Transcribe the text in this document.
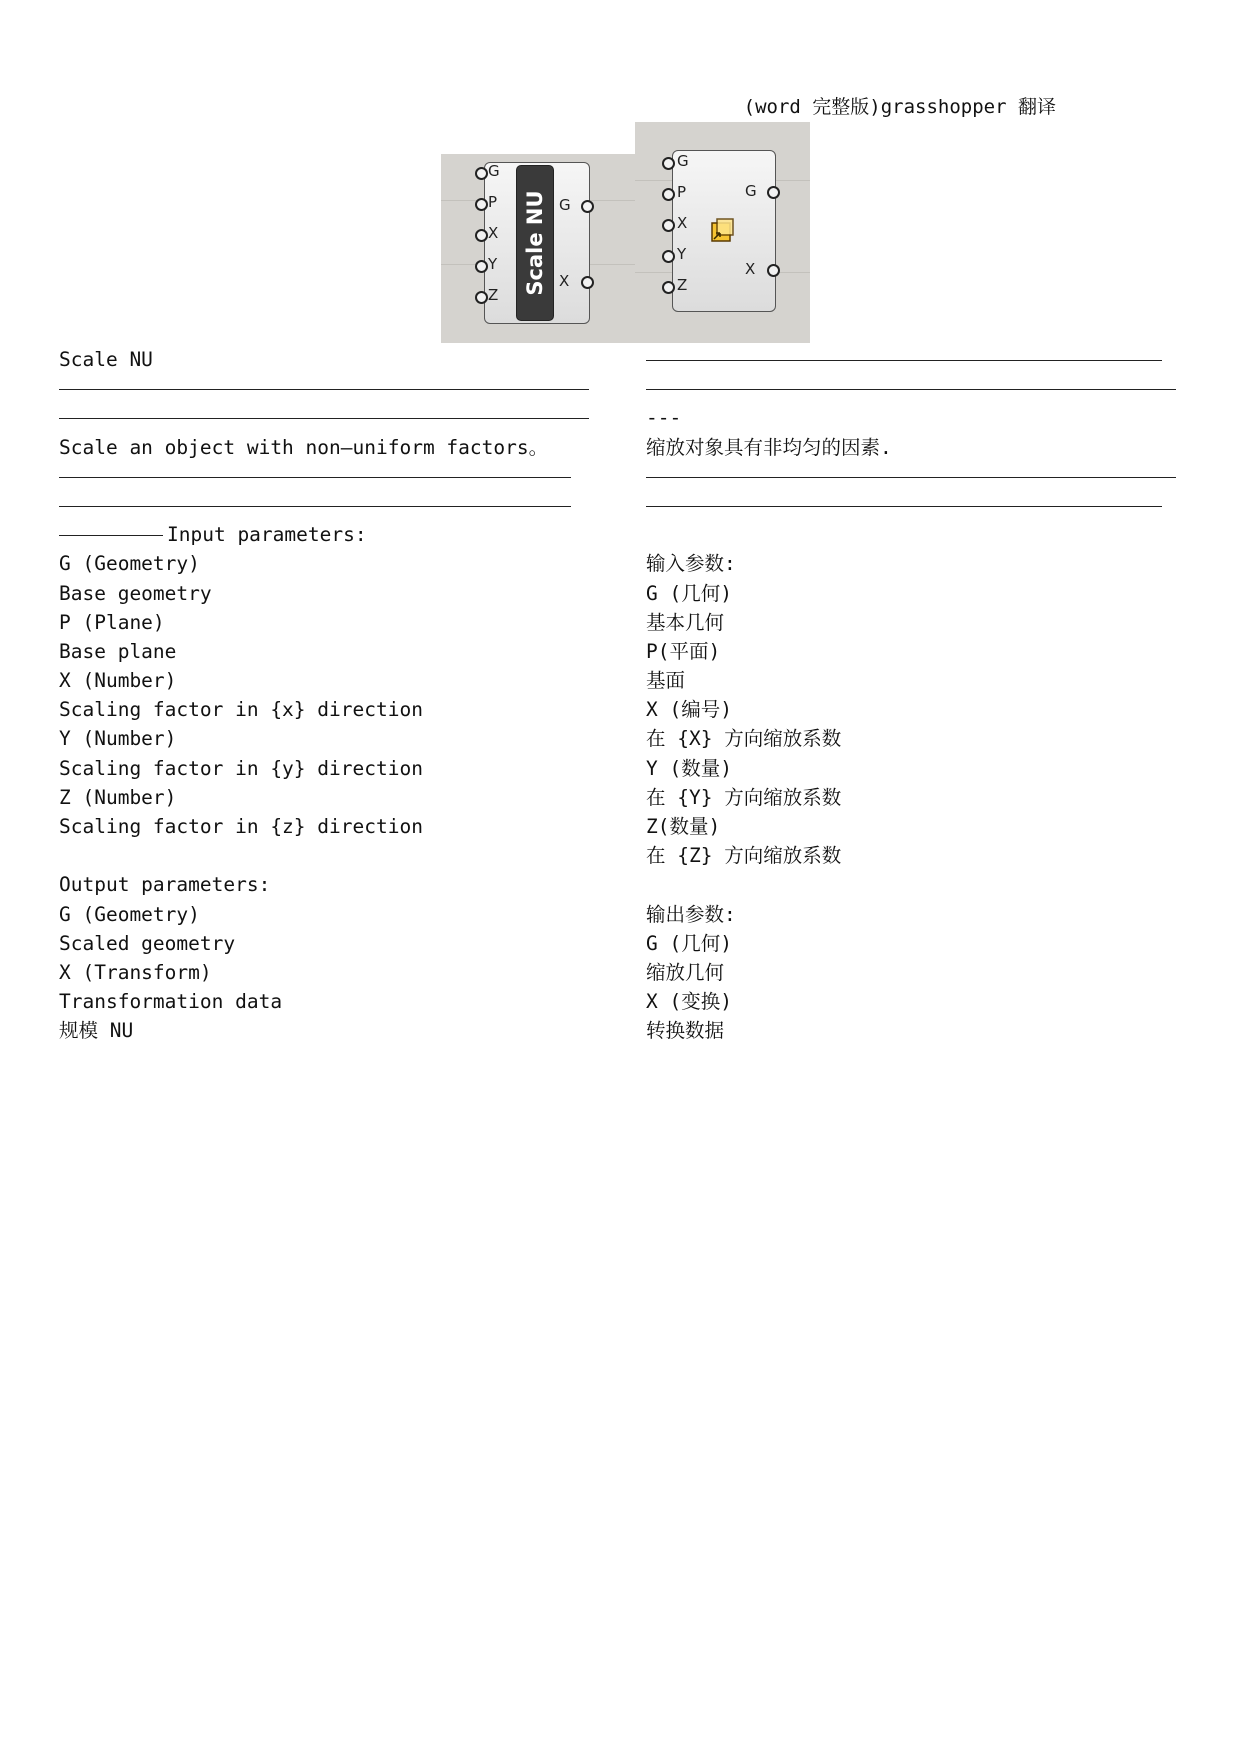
(word 完整版)grasshopper 翻译
Scale NU
G
P
X
Y
Z
G
X
G
P
X
Y
Z
G
X
Scale NU
Scale an object with non—uniform factors。
Input parameters:
G (Geometry)
Base geometry
P (Plane)
Base plane
X (Number)
Scaling factor in {x} direction
Y (Number)
Scaling factor in {y} direction
Z (Number)
Scaling factor in {z} direction
Output parameters:
G (Geometry)
Scaled geometry
X (Transform)
Transformation data
规模 NU
---
缩放对象具有非均匀的因素.
输入参数:
G (几何)
基本几何
P(平面)
基面
X (编号)
在 {X} 方向缩放系数
Y (数量)
在 {Y} 方向缩放系数
Z(数量)
在 {Z} 方向缩放系数
输出参数:
G (几何)
缩放几何
X (变换)
转换数据
